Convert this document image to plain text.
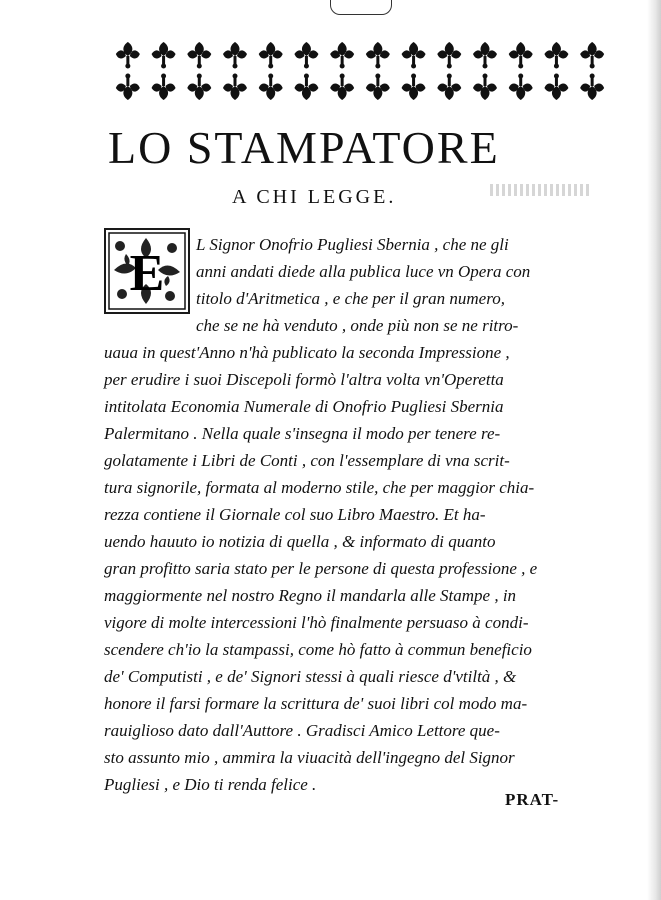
LO STAMPATORE
A CHI LEGGE.
E
L Signor Onofrio Pugliesi Sbernia , che ne gli
anni andati diede alla publica luce vn Opera con
titolo d'Aritmetica , e che per il gran numero,
che se ne hà venduto , onde più non se ne ritro-
uaua in quest'Anno n'hà publicato la seconda Impressione ,
per erudire i suoi Discepoli formò l'altra volta vn'Operetta
intitolata Economia Numerale di Onofrio Pugliesi Sbernia
Palermitano . Nella quale s'insegna il modo per tenere re-
golatamente i Libri de Conti , con l'essemplare di vna scrit-
tura signorile, formata al moderno stile, che per maggior chia-
rezza contiene il Giornale col suo Libro Maestro. Et ha-
uendo hauuto io notizia di quella , & informato di quanto
gran profitto saria stato per le persone di questa professione , e
maggiormente nel nostro Regno il mandarla alle Stampe , in
vigore di molte intercessioni l'hò finalmente persuaso à condi-
scendere ch'io la stampassi, come hò fatto à commun beneficio
de' Computisti , e de' Signori stessi à quali riesce d'vtiltà , &
honore il farsi formare la scrittura de' suoi libri col modo ma-
rauiglioso dato dall'Auttore . Gradisci Amico Lettore que-
sto assunto mio , ammira la viuacità dell'ingegno del Signor
Pugliesi , e Dio ti renda felice .
PRAT-
